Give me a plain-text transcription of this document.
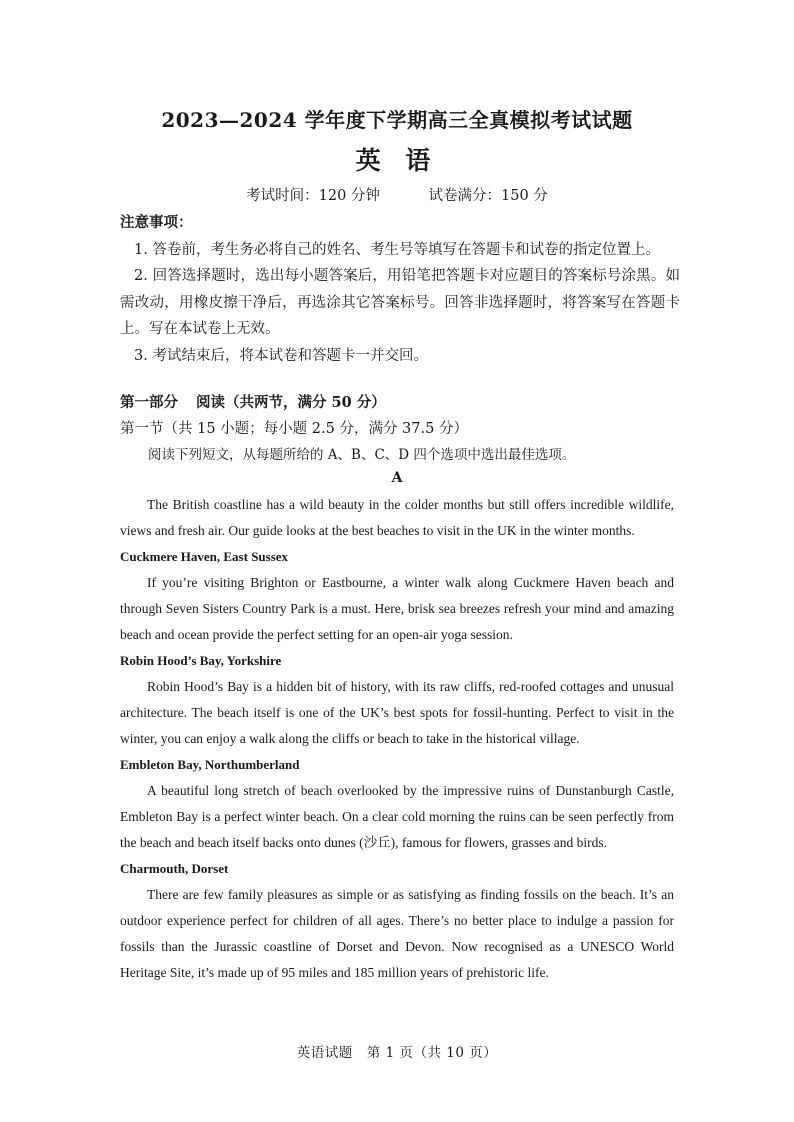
2023—2024 学年度下学期高三全真模拟考试试题
英 语
考试时间：120 分钟	试卷满分：150 分
注意事项：
1. 答卷前，考生务必将自己的姓名、考生号等填写在答题卡和试卷的指定位置上。
2. 回答选择题时，选出每小题答案后，用铅笔把答题卡对应题目的答案标号涂黑。如需改动，用橡皮擦干净后，再选涂其它答案标号。回答非选择题时，将答案写在答题卡上。写在本试卷上无效。
3. 考试结束后，将本试卷和答题卡一并交回。
第一部分 阅读（共两节，满分 50 分）
第一节（共 15 小题；每小题 2.5 分，满分 37.5 分）
阅读下列短文，从每题所给的 A、B、C、D 四个选项中选出最佳选项。
A

The British coastline has a wild beauty in the colder months but still offers incredible wildlife, views and fresh air. Our guide looks at the best beaches to visit in the UK in the winter months.

Cuckmere Haven, East Sussex

If you’re visiting Brighton or Eastbourne, a winter walk along Cuckmere Haven beach and through Seven Sisters Country Park is a must. Here, brisk sea breezes refresh your mind and amazing beach and ocean provide the perfect setting for an open-air yoga session.

Robin Hood’s Bay, Yorkshire

Robin Hood’s Bay is a hidden bit of history, with its raw cliffs, red-roofed cottages and unusual architecture. The beach itself is one of the UK’s best spots for fossil-hunting. Perfect to visit in the winter, you can enjoy a walk along the cliffs or beach to take in the historical village.

Embleton Bay, Northumberland

A beautiful long stretch of beach overlooked by the impressive ruins of Dunstanburgh Castle, Embleton Bay is a perfect winter beach. On a clear cold morning the ruins can be seen perfectly from the beach and beach itself backs onto dunes (沙丘), famous for flowers, grasses and birds.

Charmouth, Dorset

There are few family pleasures as simple or as satisfying as finding fossils on the beach. It’s an outdoor experience perfect for children of all ages. There’s no better place to indulge a passion for fossils than the Jurassic coastline of Dorset and Devon. Now recognised as a UNESCO World Heritage Site, it’s made up of 95 miles and 185 million years of prehistoric life.

英语试题　第 1 页（共 10 页）
